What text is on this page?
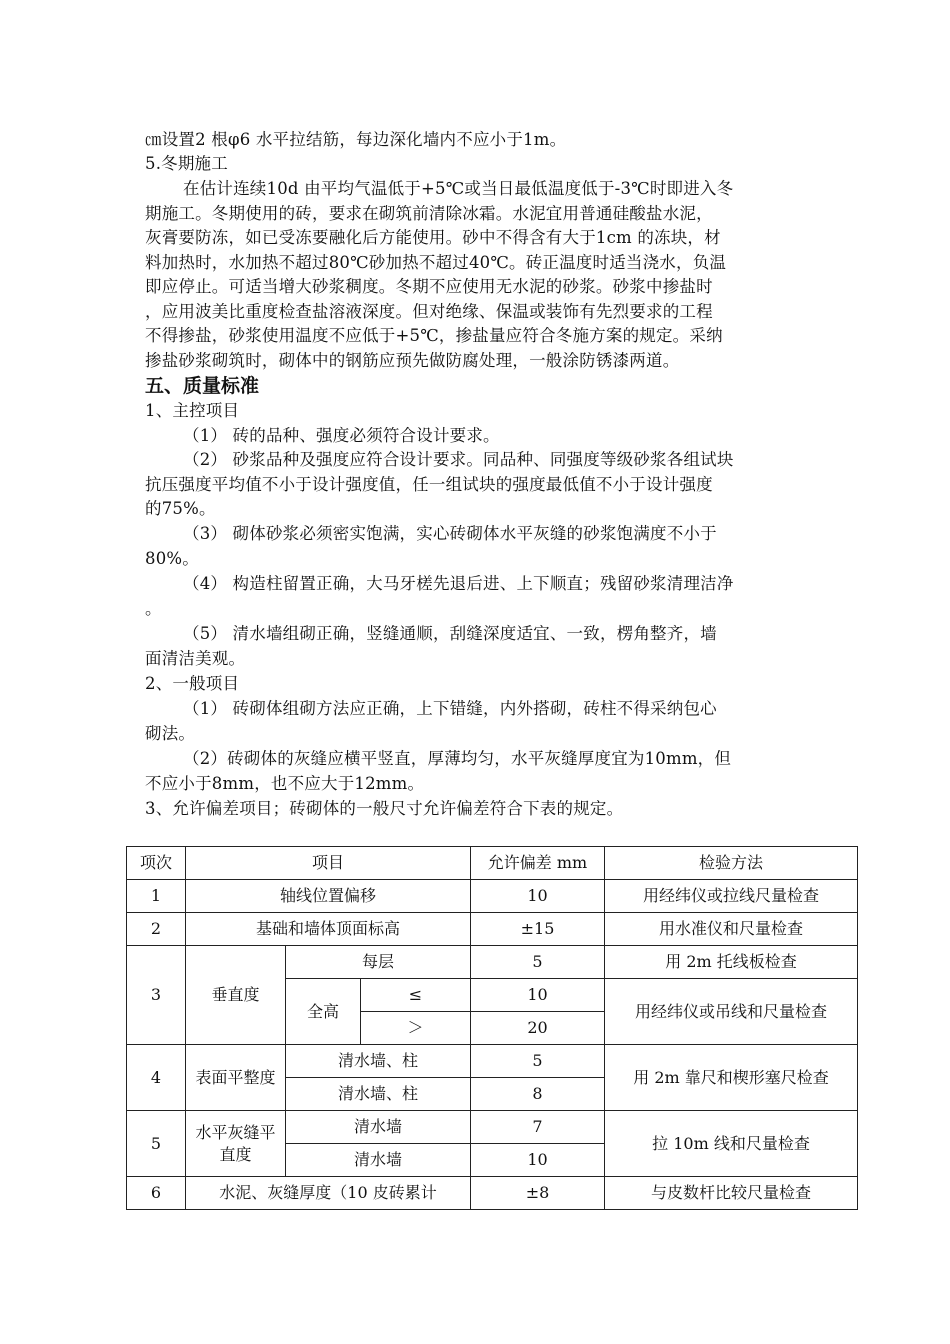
㎝设置2 根φ6 水平拉结筋，每边深化墙内不应小于1m。
5.冬期施工
在估计连续10d 由平均气温低于+5℃或当日最低温度低于-3℃时即进入冬
期施工。冬期使用的砖，要求在砌筑前清除冰霜。水泥宜用普通硅酸盐水泥，
灰膏要防冻，如已受冻要融化后方能使用。砂中不得含有大于1cm 的冻块，材
料加热时，水加热不超过80℃砂加热不超过40℃。砖正温度时适当浇水，负温
即应停止。可适当增大砂浆稠度。冬期不应使用无水泥的砂浆。砂浆中掺盐时
，应用波美比重度检查盐溶液深度。但对绝缘、保温或装饰有先烈要求的工程
不得掺盐，砂浆使用温度不应低于+5℃，掺盐量应符合冬施方案的规定。采纳
掺盐砂浆砌筑时，砌体中的钢筋应预先做防腐处理，一般涂防锈漆两道。
五、质量标准
1、主控项目
（1） 砖的品种、强度必须符合设计要求。
（2） 砂浆品种及强度应符合设计要求。同品种、同强度等级砂浆各组试块
抗压强度平均值不小于设计强度值，任一组试块的强度最低值不小于设计强度
的75%。
（3） 砌体砂浆必须密实饱满，实心砖砌体水平灰缝的砂浆饱满度不小于
80%。
（4） 构造柱留置正确，大马牙槎先退后进、上下顺直；残留砂浆清理洁净
。
（5） 清水墙组砌正确，竖缝通顺，刮缝深度适宜、一致，楞角整齐，墙
面清洁美观。
2、一般项目
（1） 砖砌体组砌方法应正确，上下错缝，内外搭砌，砖柱不得采纳包心
砌法。
（2）砖砌体的灰缝应横平竖直，厚薄均匀，水平灰缝厚度宜为10mm，但
不应小于8mm，也不应大于12mm。
3、允许偏差项目；砖砌体的一般尺寸允许偏差符合下表的规定。
项次	项目			允许偏差 mm	检验方法
1	轴线位置偏移			10	用经纬仪或拉线尺量检查
2	基础和墙体顶面标高			±15	用水准仪和尺量检查
3	垂直度	每层		5	用 2m 托线板检查
		全高	≤	10	用经纬仪或吊线和尺量检查
			＞	20	
4	表面平整度	清水墙、柱		5	用 2m 靠尺和楔形塞尺检查
		清水墙、柱		8	
5	水平灰缝平直度	清水墙		7	拉 10m 线和尺量检查
		清水墙		10	
6	水泥、灰缝厚度（10 皮砖累计			±8	与皮数杆比较尺量检查
